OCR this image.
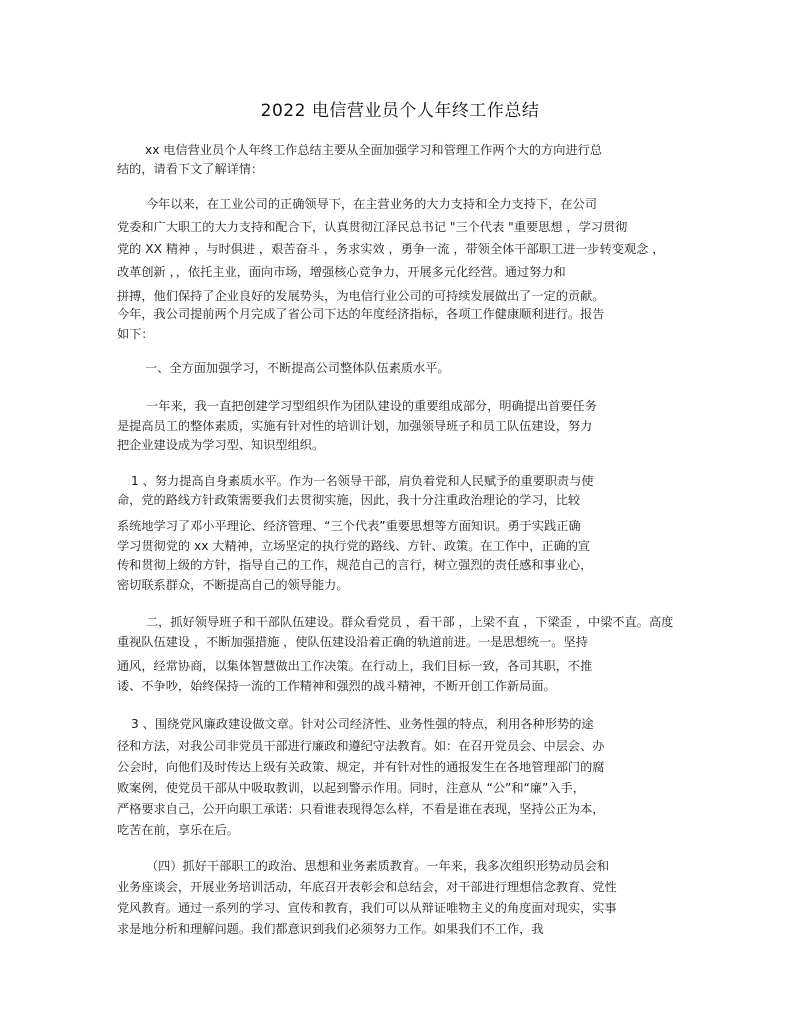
2022 电信营业员个人年终工作总结
xx 电信营业员个人年终工作总结主要从全面加强学习和管理工作两个大的方向进行总
结的，请看下文了解详情：
今年以来，在工业公司的正确领导下，在主营业务的大力支持和全力支持下，在公司
党委和广大职工的大力支持和配合下，认真贯彻江泽民总书记 "三个代表 "重要思想 ，学习贯彻
党的 XX 精神 ，与时俱进 ，艰苦奋斗 ，务求实效 ，勇争一流 ，带领全体干部职工进一步转变观念 ，
改革创新 ，，依托主业，面向市场，增强核心竞争力，开展多元化经营。通过努力和
拼搏，他们保持了企业良好的发展势头，为电信行业公司的可持续发展做出了一定的贡献。
今年，我公司提前两个月完成了省公司下达的年度经济指标，各项工作健康顺利进行。报告
如下：
一、全方面加强学习，不断提高公司整体队伍素质水平。
一年来，我一直把创建学习型组织作为团队建设的重要组成部分，明确提出首要任务
是提高员工的整体素质，实施有针对性的培训计划，加强领导班子和员工队伍建设，努力
把企业建设成为学习型、知识型组织。
1 、努力提高自身素质水平。作为一名领导干部，肩负着党和人民赋予的重要职责与使
命，党的路线方针政策需要我们去贯彻实施，因此，我十分注重政治理论的学习，比较
系统地学习了邓小平理论、经济管理、“三个代表”重要思想等方面知识。勇于实践正确
学习贯彻党的 xx 大精神，立场坚定的执行党的路线、方针、政策。在工作中，正确的宣
传和贯彻上级的方针，指导自己的工作，规范自己的言行，树立强烈的责任感和事业心，
密切联系群众，不断提高自己的领导能力。
二，抓好领导班子和干部队伍建设。群众看党员 ，看干部 ，上梁不直 ，下梁歪 ，中梁不直。高度
重视队伍建设 ，不断加强措施 ，使队伍建设沿着正确的轨道前进。一是思想统一。坚持
通风，经常协商，以集体智慧做出工作决策。在行动上，我们目标一致，各司其职，不推
诿、不争吵，始终保持一流的工作精神和强烈的战斗精神，不断开创工作新局面。
3 、围绕党风廉政建设做文章。针对公司经济性、业务性强的特点，利用各种形势的途
径和方法，对我公司非党员干部进行廉政和遵纪守法教育。如：在召开党员会、中层会、办
公会时，向他们及时传达上级有关政策、规定，并有针对性的通报发生在各地管理部门的腐
败案例，使党员干部从中吸取教训，以起到警示作用。同时，注意从 “公”和“廉”入手，
严格要求自己，公开向职工承诺：只看谁表现得怎么样，不看是谁在表现，坚持公正为本，
吃苦在前，享乐在后。
（四）抓好干部职工的政治、思想和业务素质教育。一年来，我多次组织形势动员会和
业务座谈会，开展业务培训活动，年底召开表彰会和总结会，对干部进行理想信念教育、党性
党风教育。通过一系列的学习、宣传和教育，我们可以从辩证唯物主义的角度面对现实，实事
求是地分析和理解问题。我们都意识到我们必须努力工作。如果我们不工作，我
